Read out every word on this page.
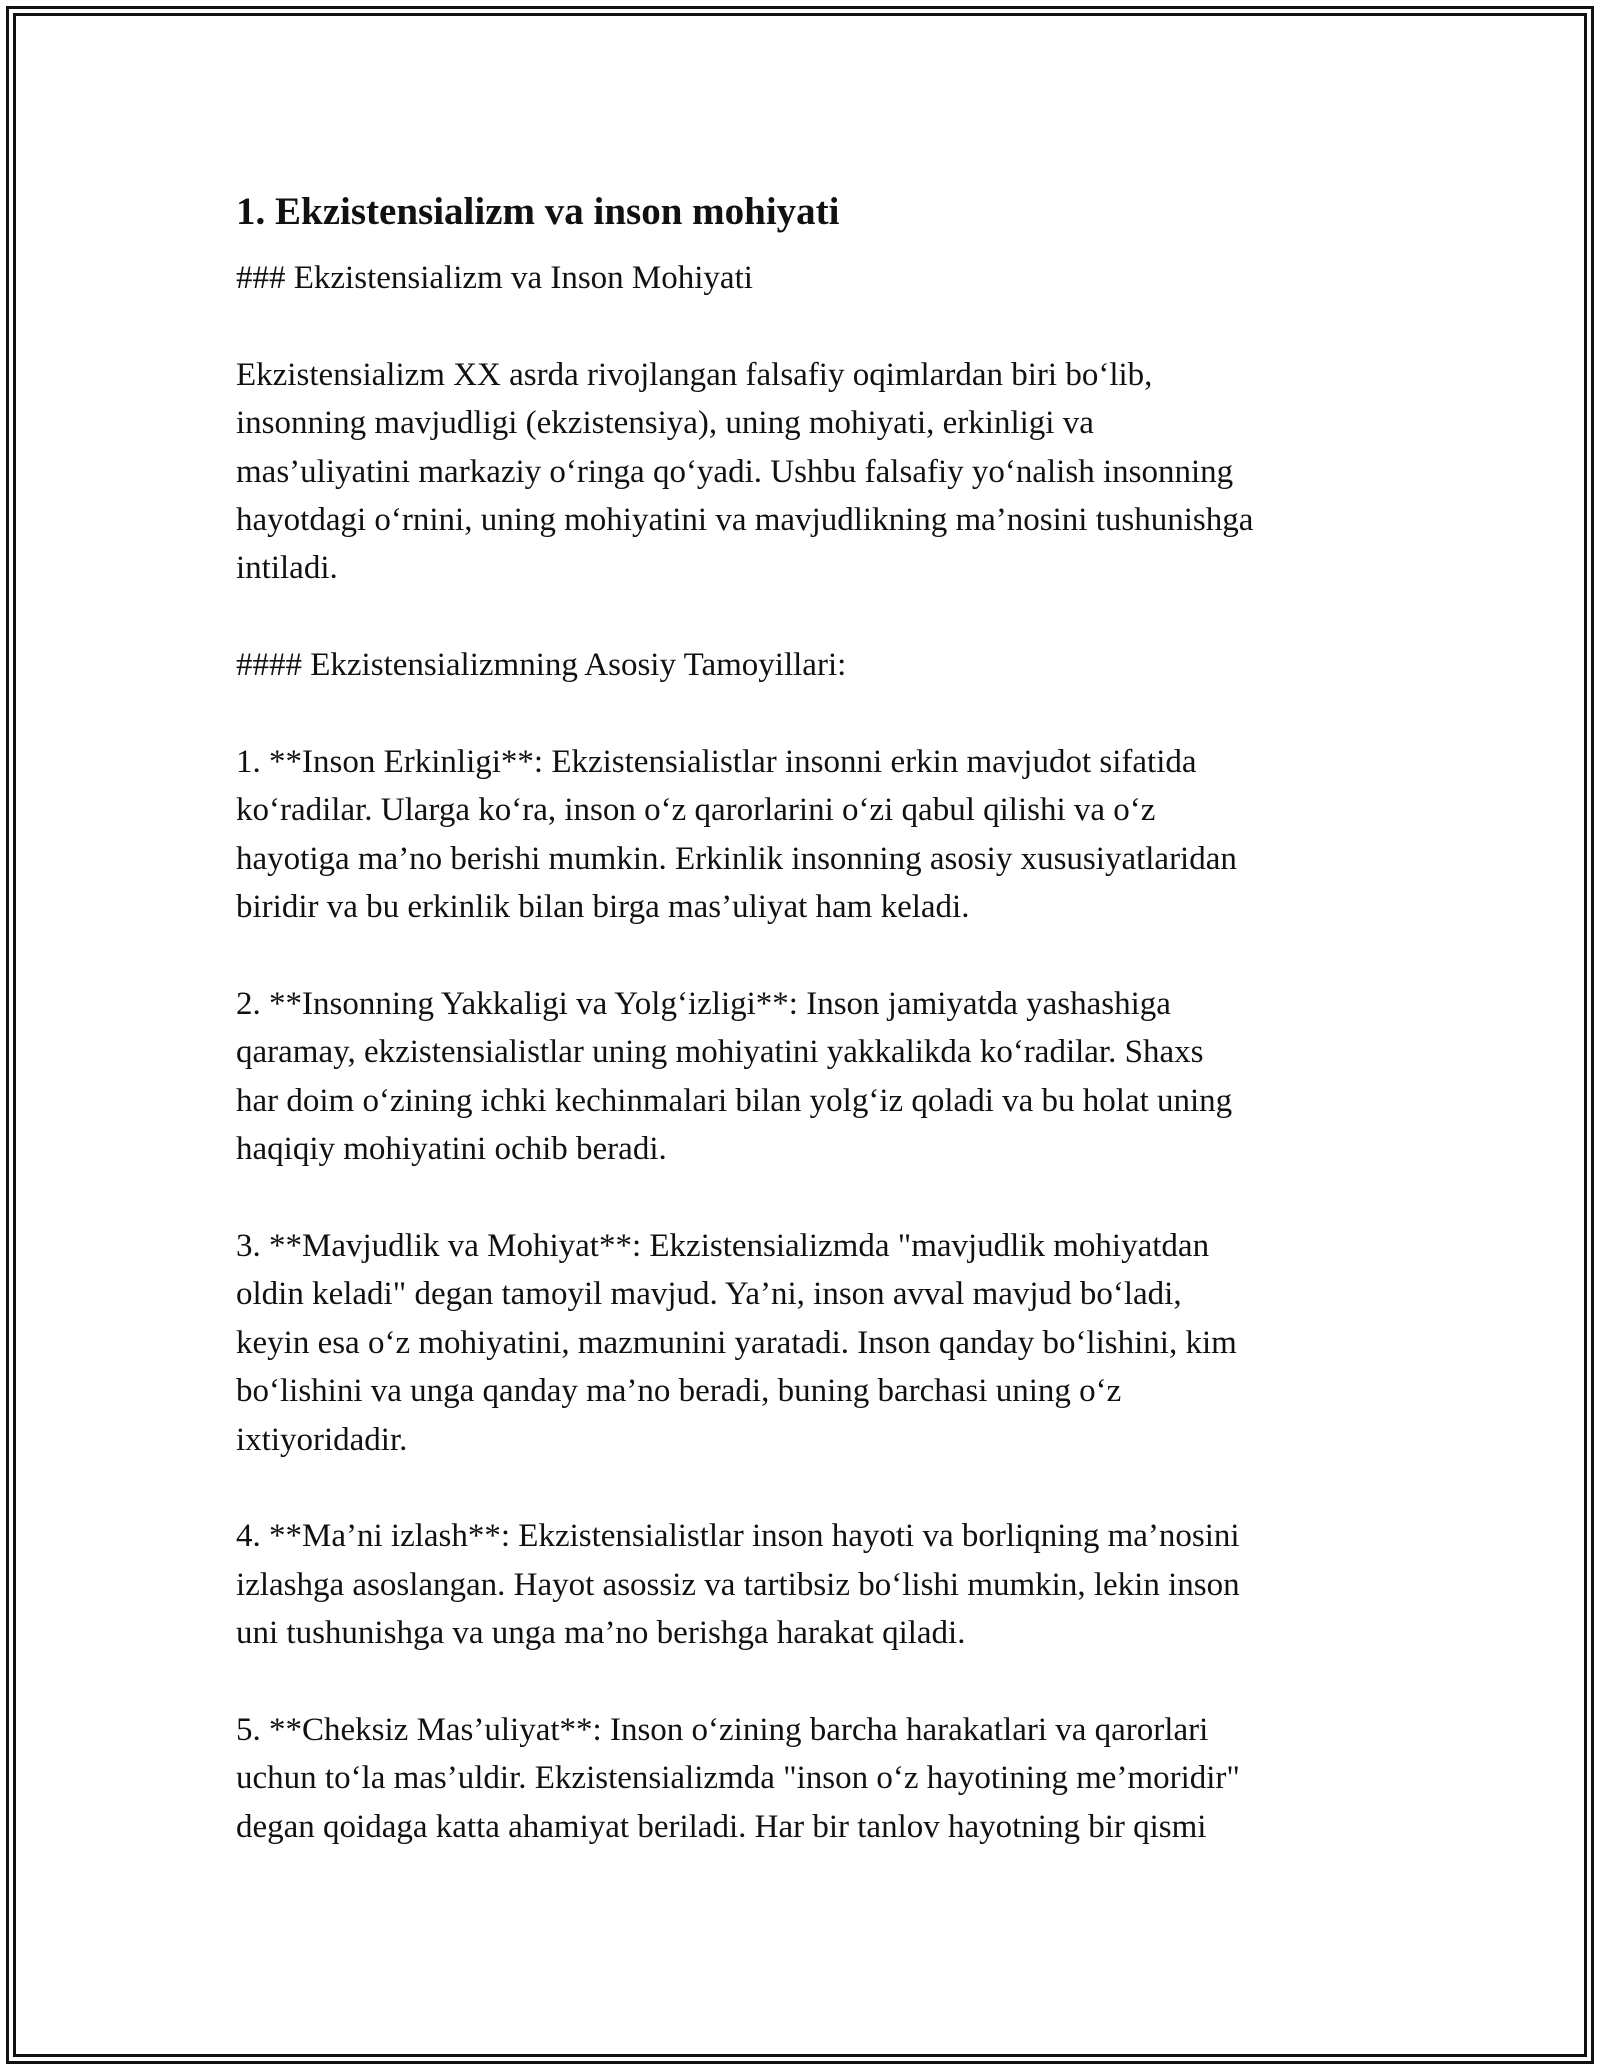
1. Ekzistensializm va inson mohiyati
### Ekzistensializm va Inson Mohiyati
Ekzistensializm XX asrda rivojlangan falsafiy oqimlardan biri bo‘lib,
insonning mavjudligi (ekzistensiya), uning mohiyati, erkinligi va
mas’uliyatini markaziy o‘ringa qo‘yadi. Ushbu falsafiy yo‘nalish insonning
hayotdagi o‘rnini, uning mohiyatini va mavjudlikning ma’nosini tushunishga
intiladi.
#### Ekzistensializmning Asosiy Tamoyillari:
1. **Inson Erkinligi**: Ekzistensialistlar insonni erkin mavjudot sifatida
ko‘radilar. Ularga ko‘ra, inson o‘z qarorlarini o‘zi qabul qilishi va o‘z
hayotiga ma’no berishi mumkin. Erkinlik insonning asosiy xususiyatlaridan
biridir va bu erkinlik bilan birga mas’uliyat ham keladi.
2. **Insonning Yakkaligi va Yolg‘izligi**: Inson jamiyatda yashashiga
qaramay, ekzistensialistlar uning mohiyatini yakkalikda ko‘radilar. Shaxs
har doim o‘zining ichki kechinmalari bilan yolg‘iz qoladi va bu holat uning
haqiqiy mohiyatini ochib beradi.
3. **Mavjudlik va Mohiyat**: Ekzistensializmda "mavjudlik mohiyatdan
oldin keladi" degan tamoyil mavjud. Ya’ni, inson avval mavjud bo‘ladi,
keyin esa o‘z mohiyatini, mazmunini yaratadi. Inson qanday bo‘lishini, kim
bo‘lishini va unga qanday ma’no beradi, buning barchasi uning o‘z
ixtiyoridadir.
4. **Ma’ni izlash**: Ekzistensialistlar inson hayoti va borliqning ma’nosini
izlashga asoslangan. Hayot asossiz va tartibsiz bo‘lishi mumkin, lekin inson
uni tushunishga va unga ma’no berishga harakat qiladi.
5. **Cheksiz Mas’uliyat**: Inson o‘zining barcha harakatlari va qarorlari
uchun to‘la mas’uldir. Ekzistensializmda "inson o‘z hayotining me’moridir"
degan qoidaga katta ahamiyat beriladi. Har bir tanlov hayotning bir qismi
